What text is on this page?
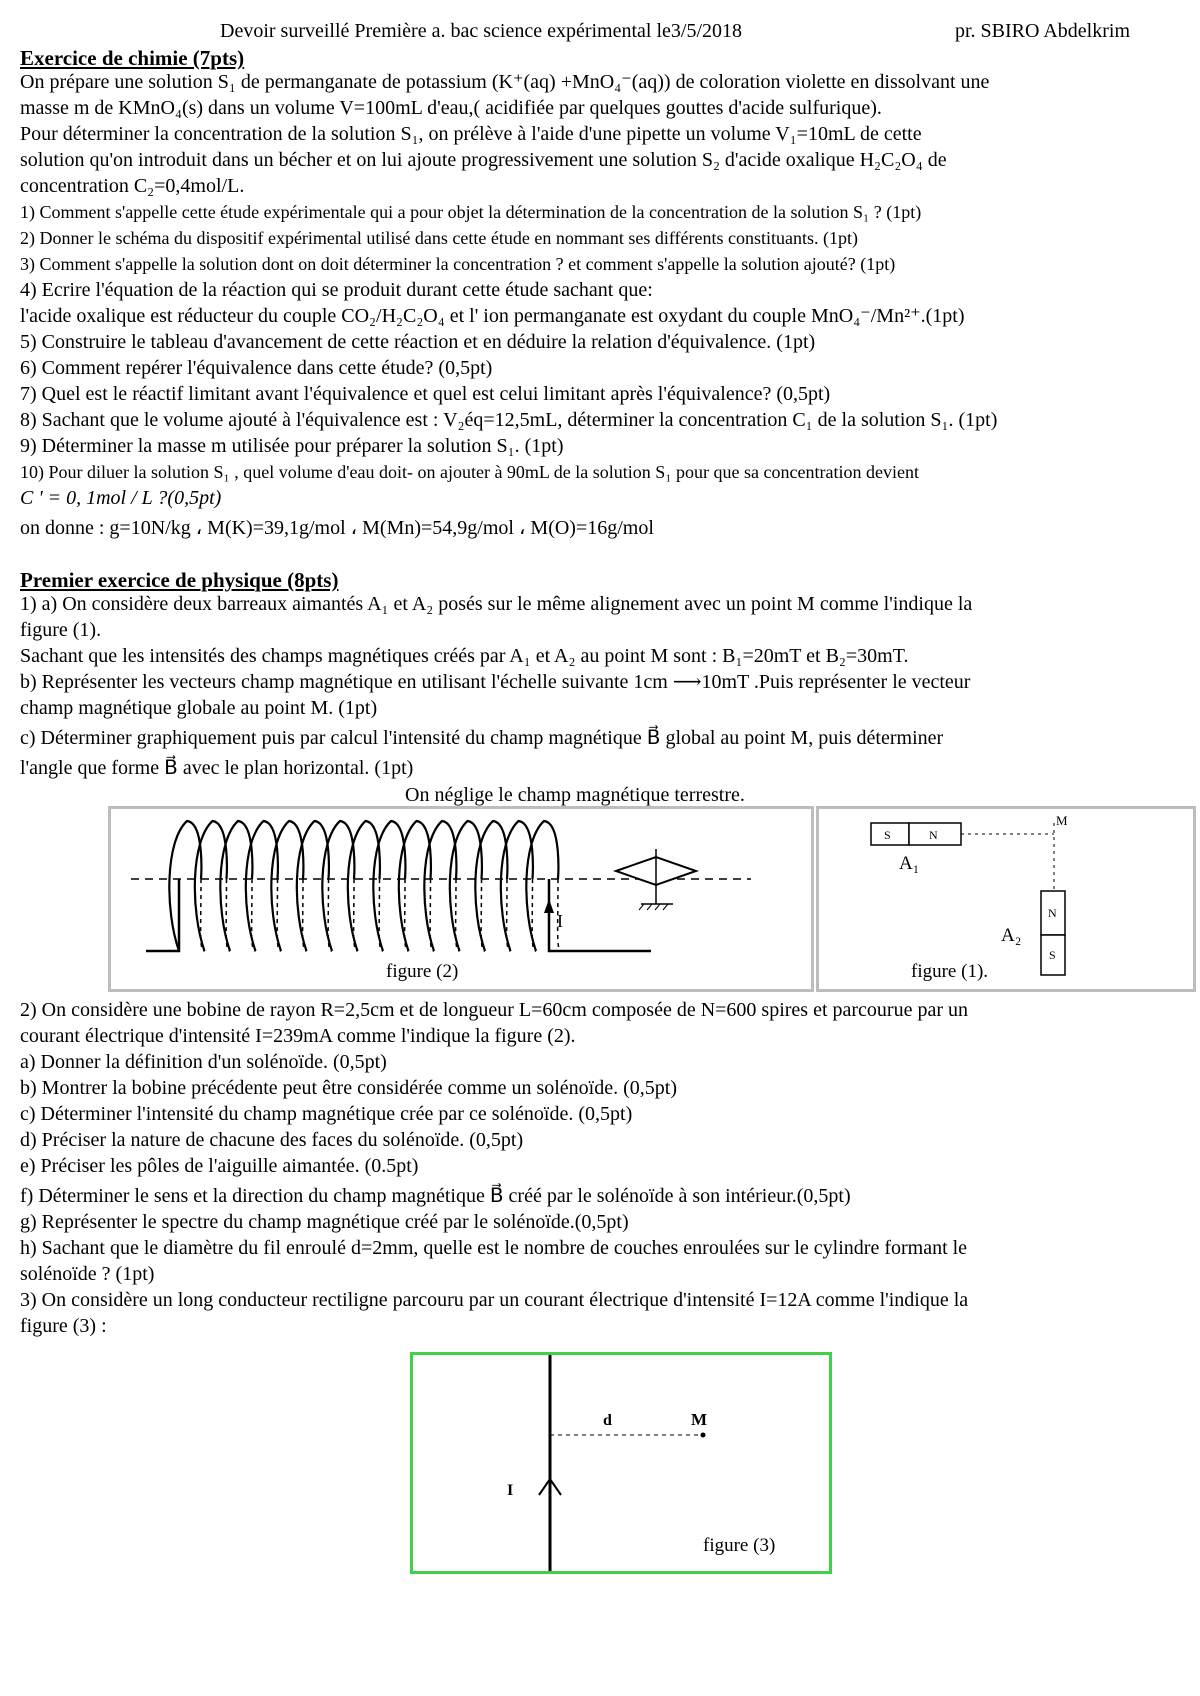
Devoir surveillé Première a. bac science expérimental le3/5/2018	pr. SBIRO Abdelkrim
Exercice de chimie (7pts)
On prépare une solution S₁ de permanganate de potassium (K⁺(aq) +MnO₄⁻(aq)) de coloration violette en dissolvant une
masse m de KMnO₄(s) dans un volume V=100mL d'eau,( acidifiée par quelques gouttes d'acide sulfurique).
Pour déterminer la concentration de la solution S₁, on prélève à l'aide d'une pipette un volume V₁=10mL de cette
solution qu'on introduit dans un bécher et on lui ajoute progressivement une solution S₂ d'acide oxalique H₂C₂O₄ de
concentration C₂=0,4mol/L.
1) Comment s'appelle cette étude expérimentale qui a pour objet la détermination de la concentration de la solution S₁ ? (1pt)
2) Donner le schéma du dispositif expérimental utilisé dans cette étude en nommant ses différents constituants. (1pt)
3) Comment s'appelle la solution dont on doit déterminer la concentration ? et comment s'appelle la solution ajouté? (1pt)
4) Ecrire l'équation de la réaction qui se produit durant cette étude sachant que:
l'acide oxalique est réducteur du couple CO₂/H₂C₂O₄ et l' ion permanganate est oxydant du couple MnO₄⁻/Mn²⁺.(1pt)
5) Construire le tableau d'avancement de cette réaction et en déduire la relation d'équivalence. (1pt)
6) Comment repérer l'équivalence dans cette étude? (0,5pt)
7) Quel est le réactif limitant avant l'équivalence et quel est celui limitant après l'équivalence? (0,5pt)
8) Sachant que le volume ajouté à l'équivalence est : V₂éq=12,5mL, déterminer la concentration C₁ de la solution S₁. (1pt)
9) Déterminer la masse m utilisée pour préparer la solution S₁. (1pt)
10) Pour diluer la solution S₁ , quel volume d'eau doit- on ajouter à 90mL de la solution S₁ pour que sa concentration devient
C ' = 0, 1mol / L ?(0,5pt)
on donne : g=10N/kg ، M(K)=39,1g/mol ، M(Mn)=54,9g/mol ، M(O)=16g/mol
Premier exercice de physique (8pts)
1) a) On considère deux barreaux aimantés A₁ et A₂ posés sur le même alignement avec un point M comme l'indique la
figure (1).
Sachant que les intensités des champs magnétiques créés par A₁ et A₂ au point M sont : B₁=20mT et B₂=30mT.
b) Représenter les vecteurs champ magnétique en utilisant l'échelle suivante 1cm ⟶10mT .Puis représenter le vecteur
champ magnétique globale au point M. (1pt)
c) Déterminer graphiquement puis par calcul l'intensité du champ magnétique B⃗ global au point M, puis déterminer
l'angle que forme B⃗ avec le plan horizontal. (1pt)
On néglige le champ magnétique terrestre.
I
figure (2)
S	N
M
A₁
N
S
A₂
figure (1).
2) On considère une bobine de rayon R=2,5cm et de longueur L=60cm composée de N=600 spires et parcourue par un
courant électrique d'intensité I=239mA comme l'indique la figure (2).
a) Donner la définition d'un solénoïde. (0,5pt)
b) Montrer la bobine précédente peut être considérée comme un solénoïde. (0,5pt)
c) Déterminer l'intensité du champ magnétique crée par ce solénoïde. (0,5pt)
d) Préciser la nature de chacune des faces du solénoïde. (0,5pt)
e) Préciser les pôles de l'aiguille aimantée. (0.5pt)
f) Déterminer le sens et la direction du champ magnétique B⃗ créé par le solénoïde à son intérieur.(0,5pt)
g) Représenter le spectre du champ magnétique créé par le solénoïde.(0,5pt)
h) Sachant que le diamètre du fil enroulé d=2mm, quelle est le nombre de couches enroulées sur le cylindre formant le
solénoïde ? (1pt)
3) On considère un long conducteur rectiligne parcouru par un courant électrique d'intensité I=12A comme l'indique la
figure (3) :
I
d	M
figure (3)
